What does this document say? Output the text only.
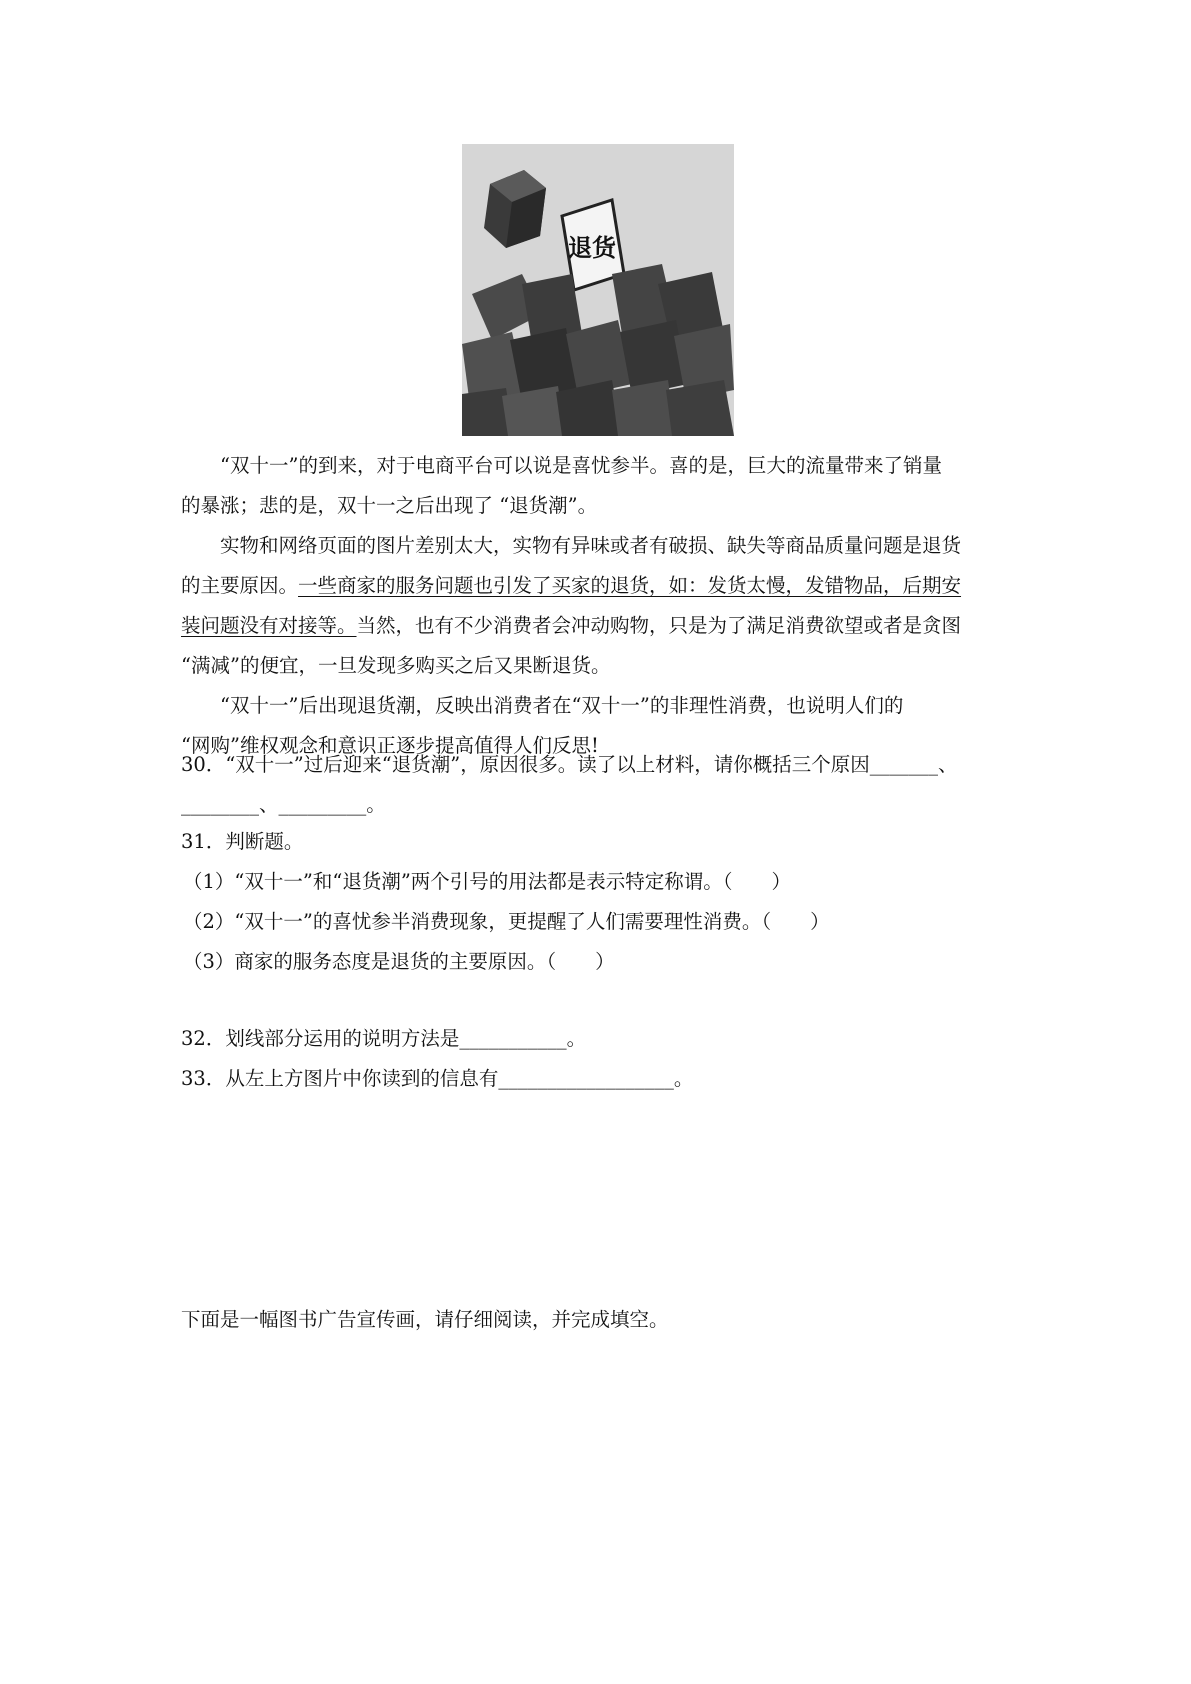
退货

“双十一”的到来，对于电商平台可以说是喜忧参半。喜的是，巨大的流量带来了销量

的暴涨；悲的是，双十一之后出现了 “退货潮”。

实物和网络页面的图片差别太大，实物有异味或者有破损、缺失等商品质量问题是退货

的主要原因。一些商家的服务问题也引发了买家的退货，如：发货太慢，发错物品，后期安

装问题没有对接等。当然，也有不少消费者会冲动购物，只是为了满足消费欲望或者是贪图

“满减”的便宜，一旦发现多购买之后又果断退货。

“双十一”后出现退货潮，反映出消费者在“双十一”的非理性消费，也说明人们的

“网购”维权观念和意识正逐步提高值得人们反思!

30．“双十一”过后迎来“退货潮”，原因很多。读了以上材料，请你概括三个原因_______、

________、_________。

31．判断题。

（1）“双十一”和“退货潮”两个引号的用法都是表示特定称谓。（　　）

（2）“双十一”的喜忧参半消费现象，更提醒了人们需要理性消费。（　　）

（3）商家的服务态度是退货的主要原因。（　　）

32．划线部分运用的说明方法是___________。

33．从左上方图片中你读到的信息有__________________。

下面是一幅图书广告宣传画，请仔细阅读，并完成填空。
